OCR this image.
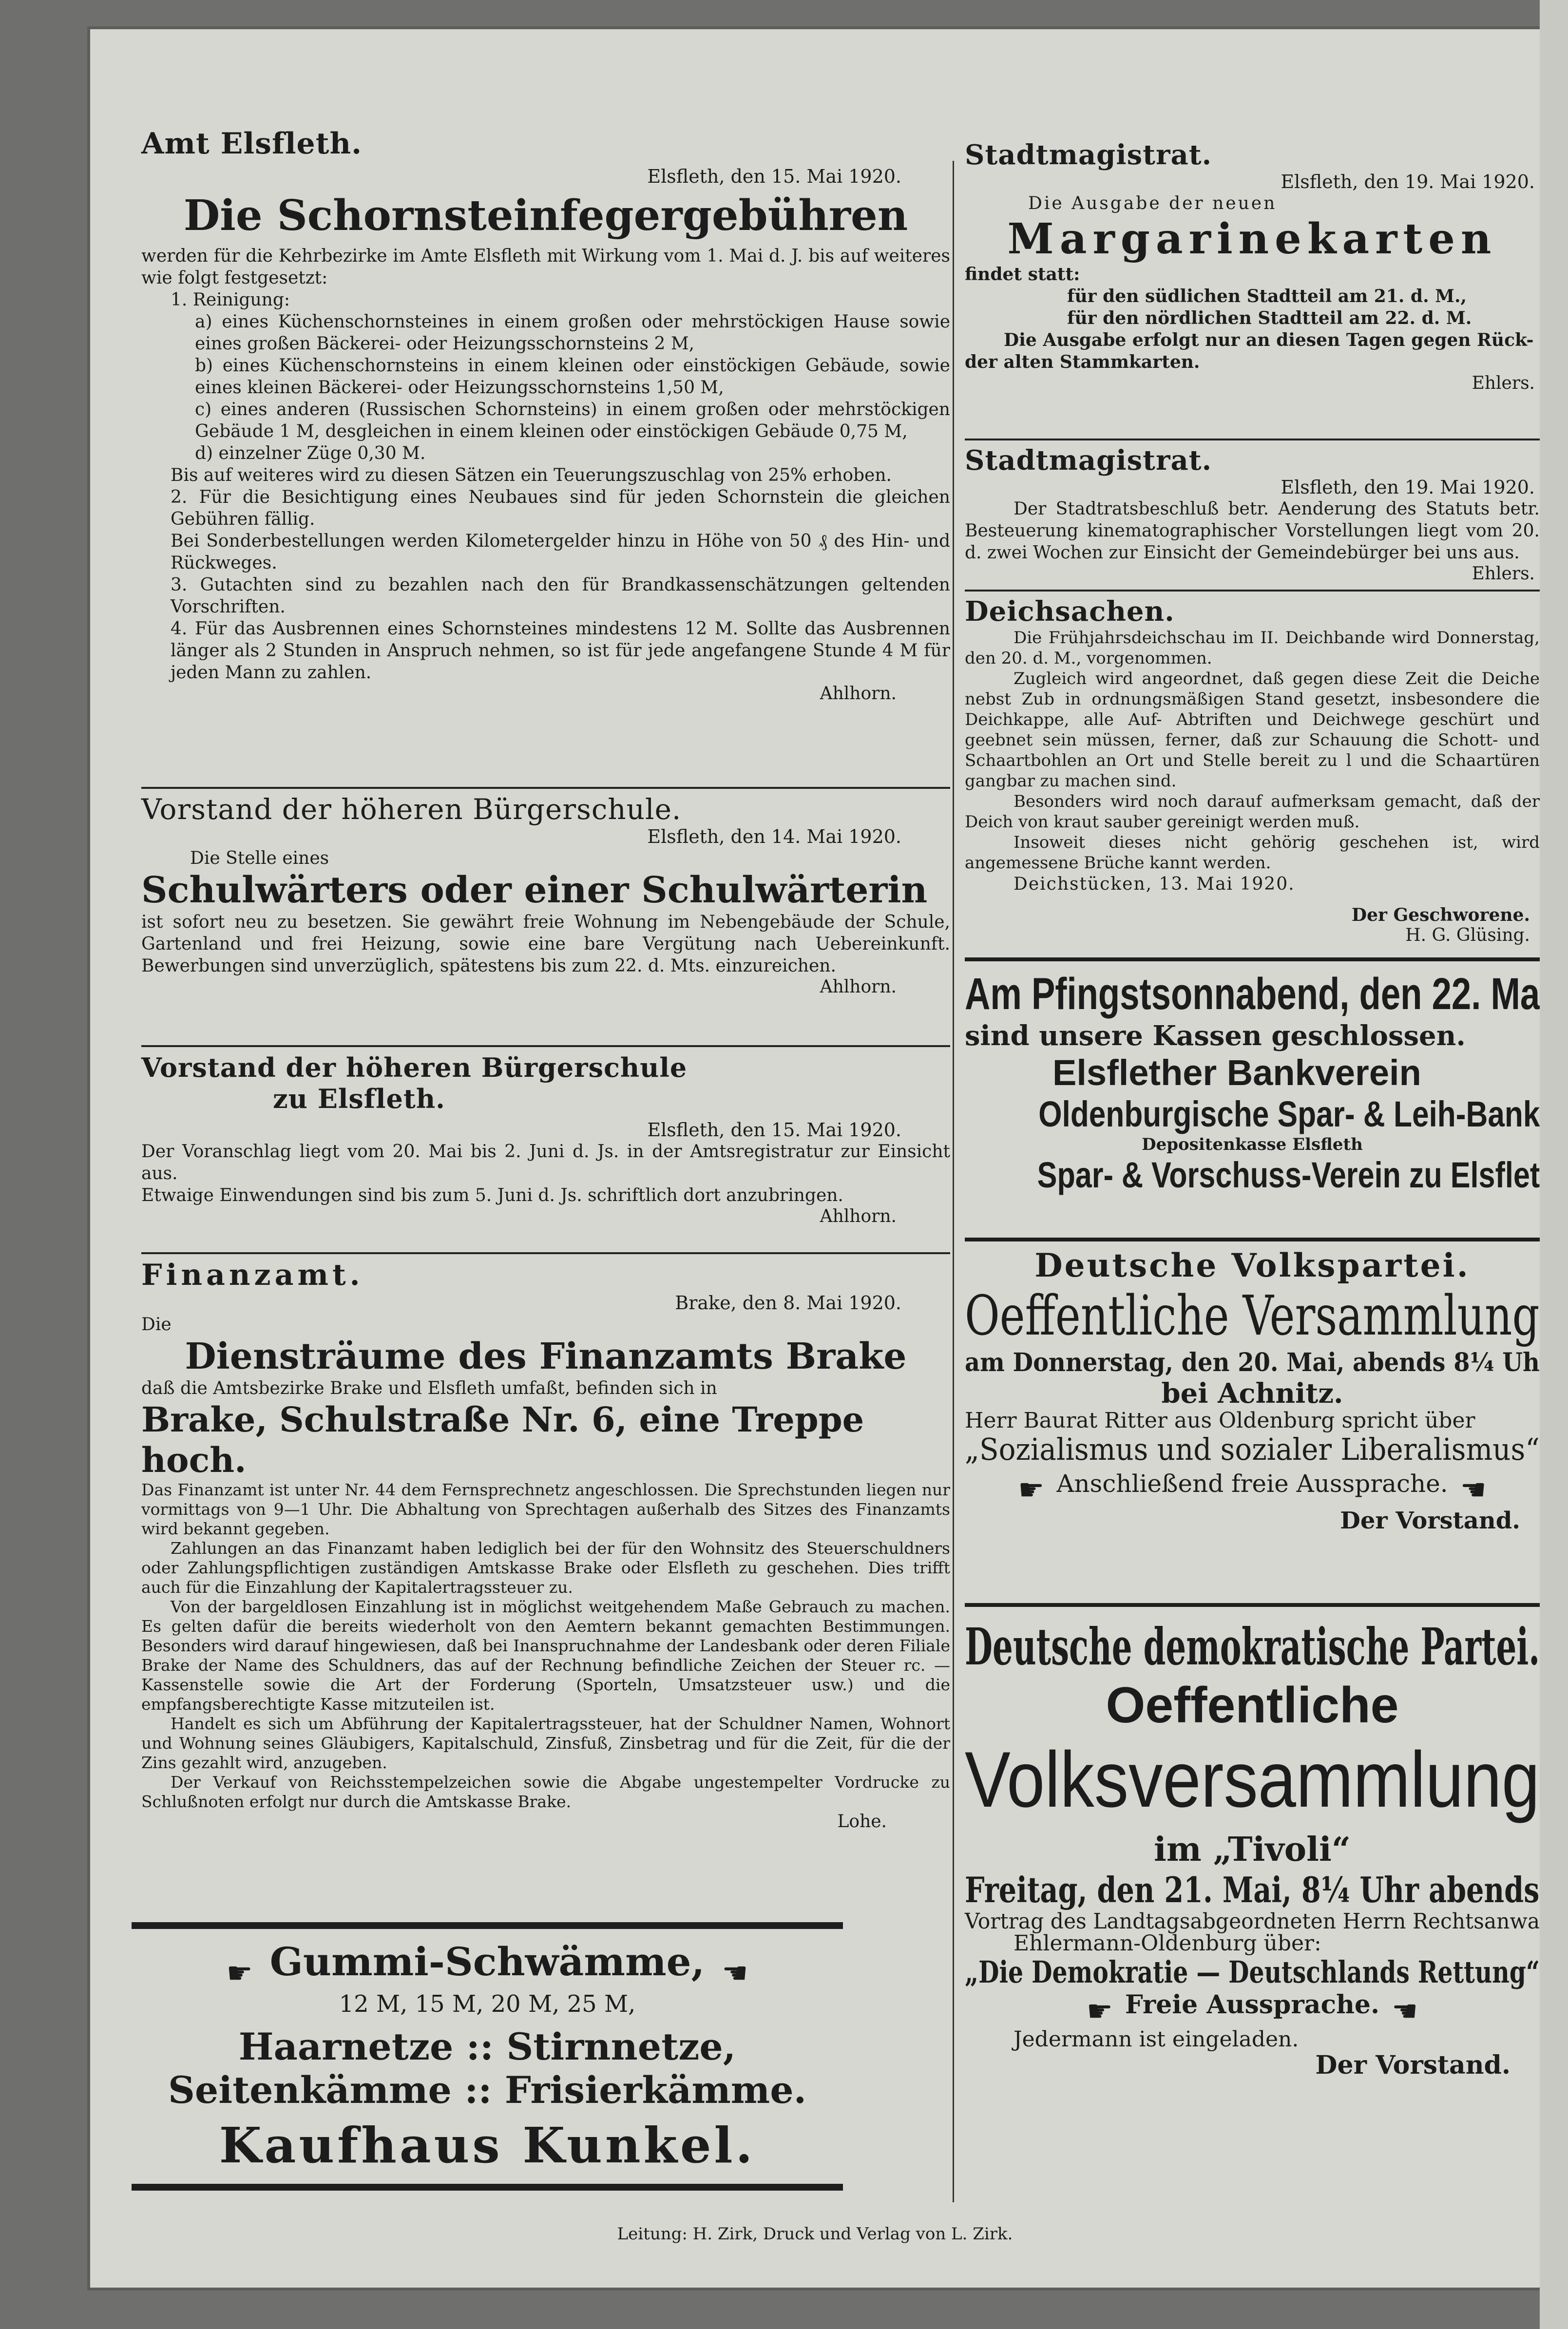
Amt Elsfleth.
Elsfleth, den 15. Mai 1920.
Die Schornsteinfegergebühren
werden für die Kehrbezirke im Amte Elsfleth mit Wirkung vom 1. Mai d. J. bis auf weiteres wie folgt festgesetzt:
1. Reinigung:
a) eines Küchenschornsteines in einem großen oder mehrstöckigen Hause sowie eines großen Bäckerei- oder Heizungsschornsteins 2 M,
b) eines Küchenschornsteins in einem kleinen oder einstöckigen Gebäude, sowie eines kleinen Bäckerei- oder Heizungsschornsteins 1,50 M,
c) eines anderen (Russischen Schornsteins) in einem großen oder mehrstöckigen Gebäude 1 M, desgleichen in einem kleinen oder einstöckigen Gebäude 0,75 M,
d) einzelner Züge 0,30 M.
Bis auf weiteres wird zu diesen Sätzen ein Teuerungszuschlag von 25% erhoben.
2. Für die Besichtigung eines Neubaues sind für jeden Schornstein die gleichen Gebühren fällig.
Bei Sonderbestellungen werden Kilometergelder hinzu in Höhe von 50 ₰ des Hin- und Rückweges.
3. Gutachten sind zu bezahlen nach den für Brandkassenschätzungen geltenden Vorschriften.
4. Für das Ausbrennen eines Schornsteines mindestens 12 M. Sollte das Ausbrennen länger als 2 Stunden in Anspruch nehmen, so ist für jede angefangene Stunde 4 M für jeden Mann zu zahlen.
Ahlhorn.
Vorstand der höheren Bürgerschule.
Elsfleth, den 14. Mai 1920.
Die Stelle eines
Schulwärters oder einer Schulwärterin
ist sofort neu zu besetzen. Sie gewährt freie Wohnung im Nebengebäude der Schule, Gartenland und frei Heizung, sowie eine bare Vergütung nach Uebereinkunft. Bewerbungen sind unverzüglich, spätestens bis zum 22. d. Mts. einzureichen.
Ahlhorn.
Vorstand der höheren Bürgerschule
zu Elsfleth.
Elsfleth, den 15. Mai 1920.
Der Voranschlag liegt vom 20. Mai bis 2. Juni d. Js. in der Amtsregistratur zur Einsicht aus.
Etwaige Einwendungen sind bis zum 5. Juni d. Js. schriftlich dort anzubringen.
Ahlhorn.
Finanzamt.
Brake, den 8. Mai 1920.
Die
Diensträume des Finanzamts Brake
daß die Amtsbezirke Brake und Elsfleth umfaßt, befinden sich in
Brake, Schulstraße Nr. 6, eine Treppe hoch.
Das Finanzamt ist unter Nr. 44 dem Fernsprechnetz angeschlossen. Die Sprechstunden liegen nur vormittags von 9—1 Uhr. Die Abhaltung von Sprechtagen außerhalb des Sitzes des Finanzamts wird bekannt gegeben.
Zahlungen an das Finanzamt haben lediglich bei der für den Wohnsitz des Steuerschuldners oder Zahlungspflichtigen zuständigen Amtskasse Brake oder Elsfleth zu geschehen. Dies trifft auch für die Einzahlung der Kapitalertragssteuer zu.
Von der bargeldlosen Einzahlung ist in möglichst weitgehendem Maße Gebrauch zu machen. Es gelten dafür die bereits wiederholt von den Aemtern bekannt gemachten Bestimmungen. Besonders wird darauf hingewiesen, daß bei Inanspruchnahme der Landesbank oder deren Filiale Brake der Name des Schuldners, das auf der Rechnung befindliche Zeichen der Steuer rc. — Kassenstelle sowie die Art der Forderung (Sporteln, Umsatzsteuer usw.) und die empfangsberechtigte Kasse mitzuteilen ist.
Handelt es sich um Abführung der Kapitalertragssteuer, hat der Schuldner Namen, Wohnort und Wohnung seines Gläubigers, Kapitalschuld, Zinsfuß, Zinsbetrag und für die Zeit, für die der Zins gezahlt wird, anzugeben.
Der Verkauf von Reichsstempelzeichen sowie die Abgabe ungestempelter Vordrucke zu Schlußnoten erfolgt nur durch die Amtskasse Brake.
Lohe.
☛ Gummi-Schwämme, ☚
12 M, 15 M, 20 M, 25 M,
Haarnetze :: Stirnnetze,
Seitenkämme :: Frisierkämme.
Kaufhaus Kunkel.
Stadtmagistrat.
Elsfleth, den 19. Mai 1920.
Die Ausgabe der neuen
Margarinekarten
findet statt:
für den südlichen Stadtteil am 21. d. M.,
für den nördlichen Stadtteil am 22. d. M.
Die Ausgabe erfolgt nur an diesen Tagen gegen Rück-
der alten Stammkarten.
Ehlers.
Stadtmagistrat.
Elsfleth, den 19. Mai 1920.
Der Stadtratsbeschluß betr. Aenderung des Statuts betr. Besteuerung kinematographischer Vorstellungen liegt vom 20. d. zwei Wochen zur Einsicht der Gemeindebürger bei uns aus.
Ehlers.
Deichsachen.
Die Frühjahrsdeichschau im II. Deichbande wird Donnerstag, den 20. d. M., vorgenommen.
Zugleich wird angeordnet, daß gegen diese Zeit die Deiche nebst Zub in ordnungsmäßigen Stand gesetzt, insbesondere die Deichkappe, alle Auf- Abtriften und Deichwege geschürt und geebnet sein müssen, ferner, daß zur Schauung die Schott- und Schaartbohlen an Ort und Stelle bereit zu l und die Schaartüren gangbar zu machen sind.
Besonders wird noch darauf aufmerksam gemacht, daß der Deich von kraut sauber gereinigt werden muß.
Insoweit dieses nicht gehörig geschehen ist, wird angemessene Brüche kannt werden.
Deichstücken, 13. Mai 1920.
Der Geschworene.
H. G. Glüsing.
Am Pfingstsonnabend, den 22. Ma
sind unsere Kassen geschlossen.
Elsflether Bankverein
Oldenburgische Spar- & Leih-Bank
Depositenkasse Elsfleth
Spar- & Vorschuss-Verein zu Elsflet
Deutsche Volkspartei.
Oeffentliche Versammlung
am Donnerstag, den 20. Mai, abends 8¼ Uh
bei Achnitz.
Herr Baurat Ritter aus Oldenburg spricht über
„Sozialismus und sozialer Liberalismus“
☛ Anschließend freie Aussprache. ☚
Der Vorstand.
Deutsche demokratische Partei.
Oeffentliche
Volksversammlung
im „Tivoli“
Freitag, den 21. Mai, 8¼ Uhr abends
Vortrag des Landtagsabgeordneten Herrn Rechtsanwa
Ehlermann-Oldenburg über:
„Die Demokratie — Deutschlands Rettung“
☛ Freie Aussprache. ☚
Jedermann ist eingeladen.
Der Vorstand.
Leitung: H. Zirk, Druck und Verlag von L. Zirk.
